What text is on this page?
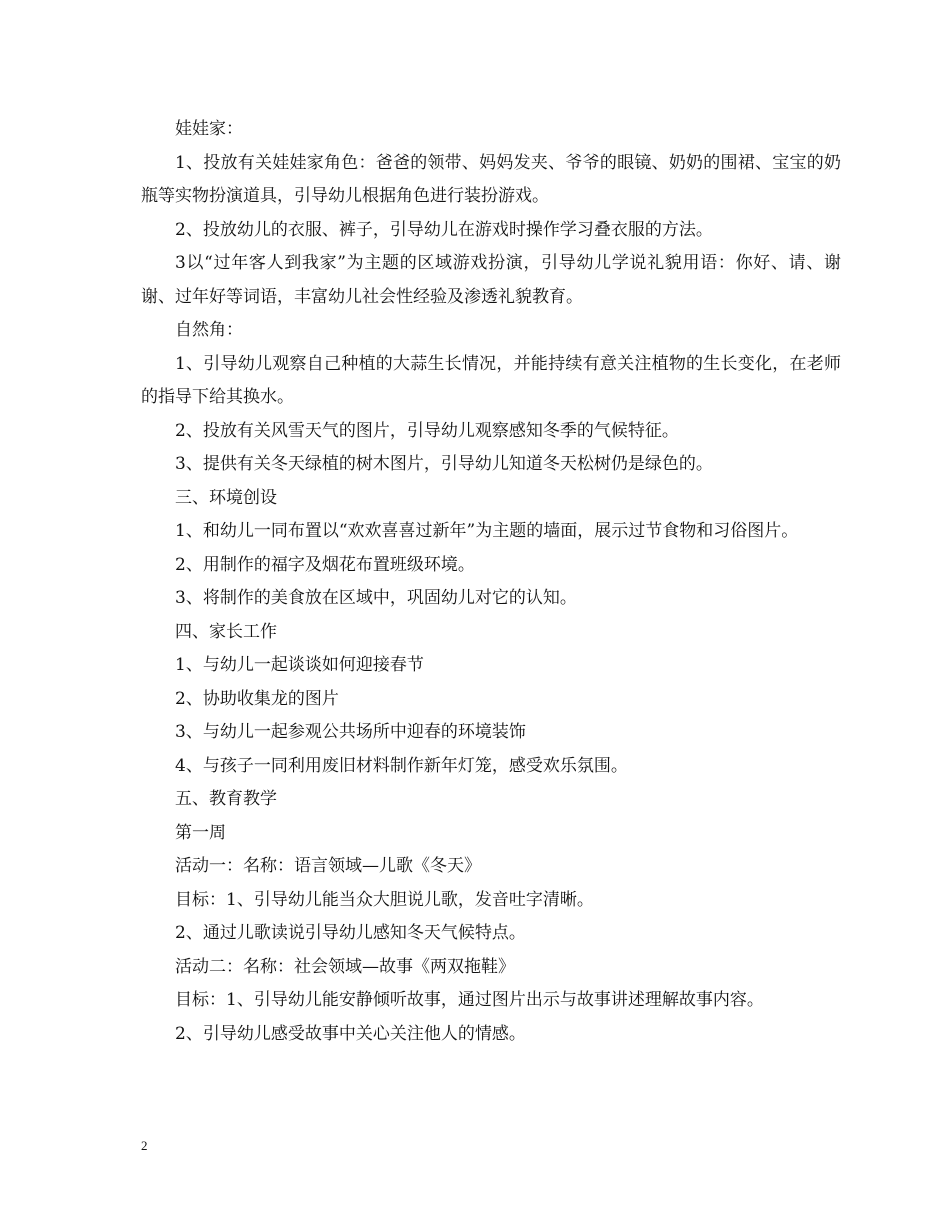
娃娃家：

1、投放有关娃娃家角色：爸爸的领带、妈妈发夹、爷爷的眼镜、奶奶的围裙、宝宝的奶瓶等实物扮演道具，引导幼儿根据角色进行装扮游戏。

2、投放幼儿的衣服、裤子，引导幼儿在游戏时操作学习叠衣服的方法。

3以“过年客人到我家”为主题的区域游戏扮演，引导幼儿学说礼貌用语：你好、请、谢谢、过年好等词语，丰富幼儿社会性经验及渗透礼貌教育。

自然角：

1、引导幼儿观察自己种植的大蒜生长情况，并能持续有意关注植物的生长变化，在老师的指导下给其换水。

2、投放有关风雪天气的图片，引导幼儿观察感知冬季的气候特征。

3、提供有关冬天绿植的树木图片，引导幼儿知道冬天松树仍是绿色的。

三、环境创设

1、和幼儿一同布置以“欢欢喜喜过新年”为主题的墙面，展示过节食物和习俗图片。

2、用制作的福字及烟花布置班级环境。

3、将制作的美食放在区域中，巩固幼儿对它的认知。

四、家长工作

1、与幼儿一起谈谈如何迎接春节

2、协助收集龙的图片

3、与幼儿一起参观公共场所中迎春的环境装饰

4、与孩子一同利用废旧材料制作新年灯笼，感受欢乐氛围。

五、教育教学

第一周

活动一：名称：语言领域—儿歌《冬天》

目标：1、引导幼儿能当众大胆说儿歌，发音吐字清晰。

2、通过儿歌读说引导幼儿感知冬天气候特点。

活动二：名称：社会领域—故事《两双拖鞋》

目标：1、引导幼儿能安静倾听故事，通过图片出示与故事讲述理解故事内容。

2、引导幼儿感受故事中关心关注他人的情感。

2
